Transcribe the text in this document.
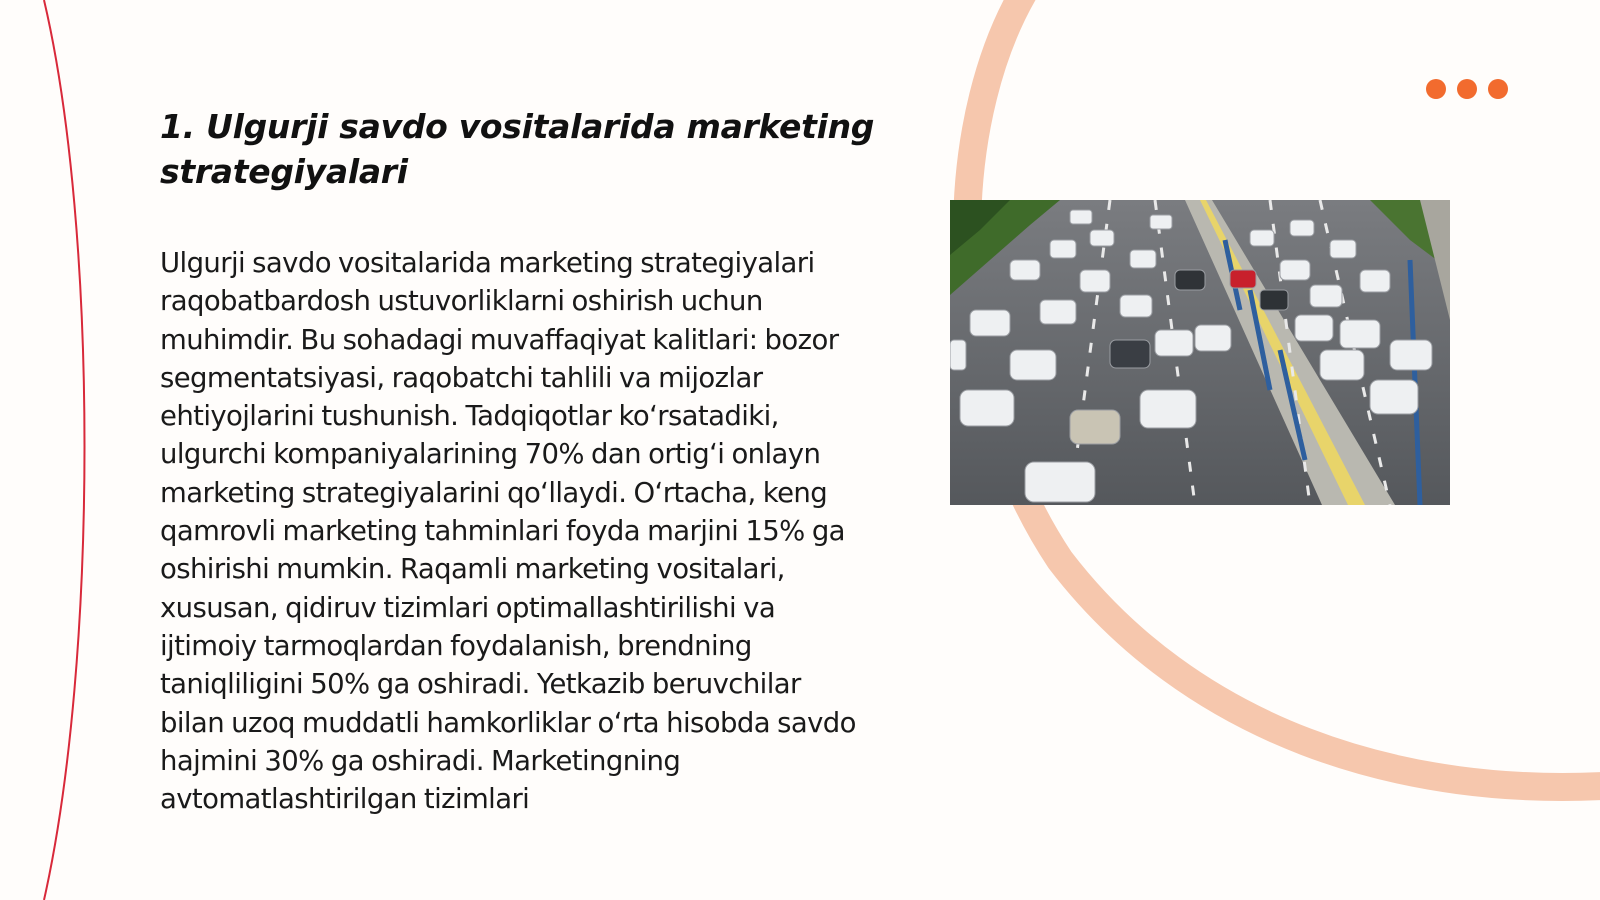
1. Ulgurji savdo vositalarida marketing strategiyalari

Ulgurji savdo vositalarida marketing strategiyalari raqobatbardosh ustuvorliklarni oshirish uchun muhimdir. Bu sohadagi muvaffaqiyat kalitlari: bozor segmentatsiyasi, raqobatchi tahlili va mijozlar ehtiyojlarini tushunish. Tadqiqotlar koʻrsatadiki, ulgurchi kompaniyalarining 70% dan ortigʻi onlayn marketing strategiyalarini qoʻllaydi. Oʻrtacha, keng qamrovli marketing tahminlari foyda marjini 15% ga oshirishi mumkin. Raqamli marketing vositalari, xususan, qidiruv tizimlari optimallashtirilishi va ijtimoiy tarmoqlardan foydalanish, brendning taniqliligini 50% ga oshiradi. Yetkazib beruvchilar bilan uzoq muddatli hamkorliklar oʻrta hisobda savdo hajmini 30% ga oshiradi. Marketingning avtomatlashtirilgan tizimlari
